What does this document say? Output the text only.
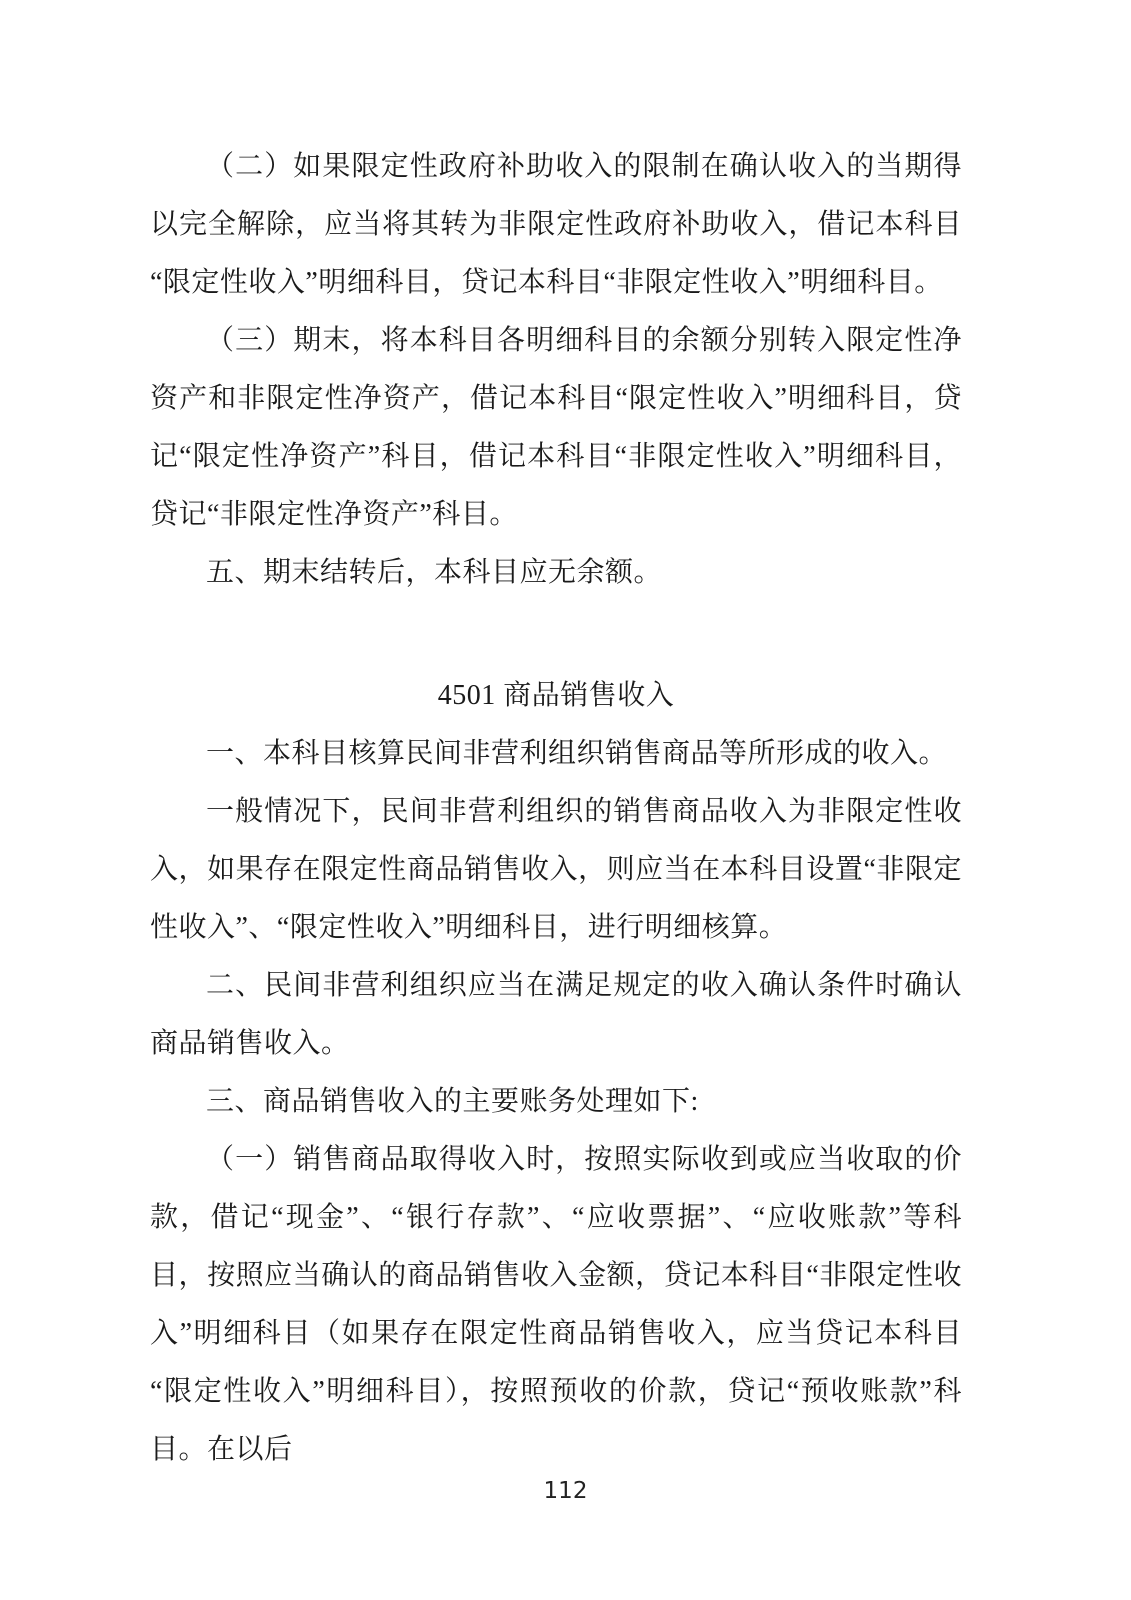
（二）如果限定性政府补助收入的限制在确认收入的当期得以完全解除，应当将其转为非限定性政府补助收入，借记本科目“限定性收入”明细科目，贷记本科目“非限定性收入”明细科目。

（三）期末，将本科目各明细科目的余额分别转入限定性净资产和非限定性净资产，借记本科目“限定性收入”明细科目，贷记“限定性净资产”科目，借记本科目“非限定性收入”明细科目，贷记“非限定性净资产”科目。

五、期末结转后，本科目应无余额。

4501 商品销售收入

一、本科目核算民间非营利组织销售商品等所形成的收入。

一般情况下，民间非营利组织的销售商品收入为非限定性收入，如果存在限定性商品销售收入，则应当在本科目设置“非限定性收入”、“限定性收入”明细科目，进行明细核算。

二、民间非营利组织应当在满足规定的收入确认条件时确认商品销售收入。

三、商品销售收入的主要账务处理如下:

（一）销售商品取得收入时，按照实际收到或应当收取的价款，借记“现金”、“银行存款”、“应收票据”、“应收账款”等科目，按照应当确认的商品销售收入金额，贷记本科目“非限定性收入”明细科目（如果存在限定性商品销售收入，应当贷记本科目“限定性收入”明细科目），按照预收的价款，贷记“预收账款”科目。在以后

112
